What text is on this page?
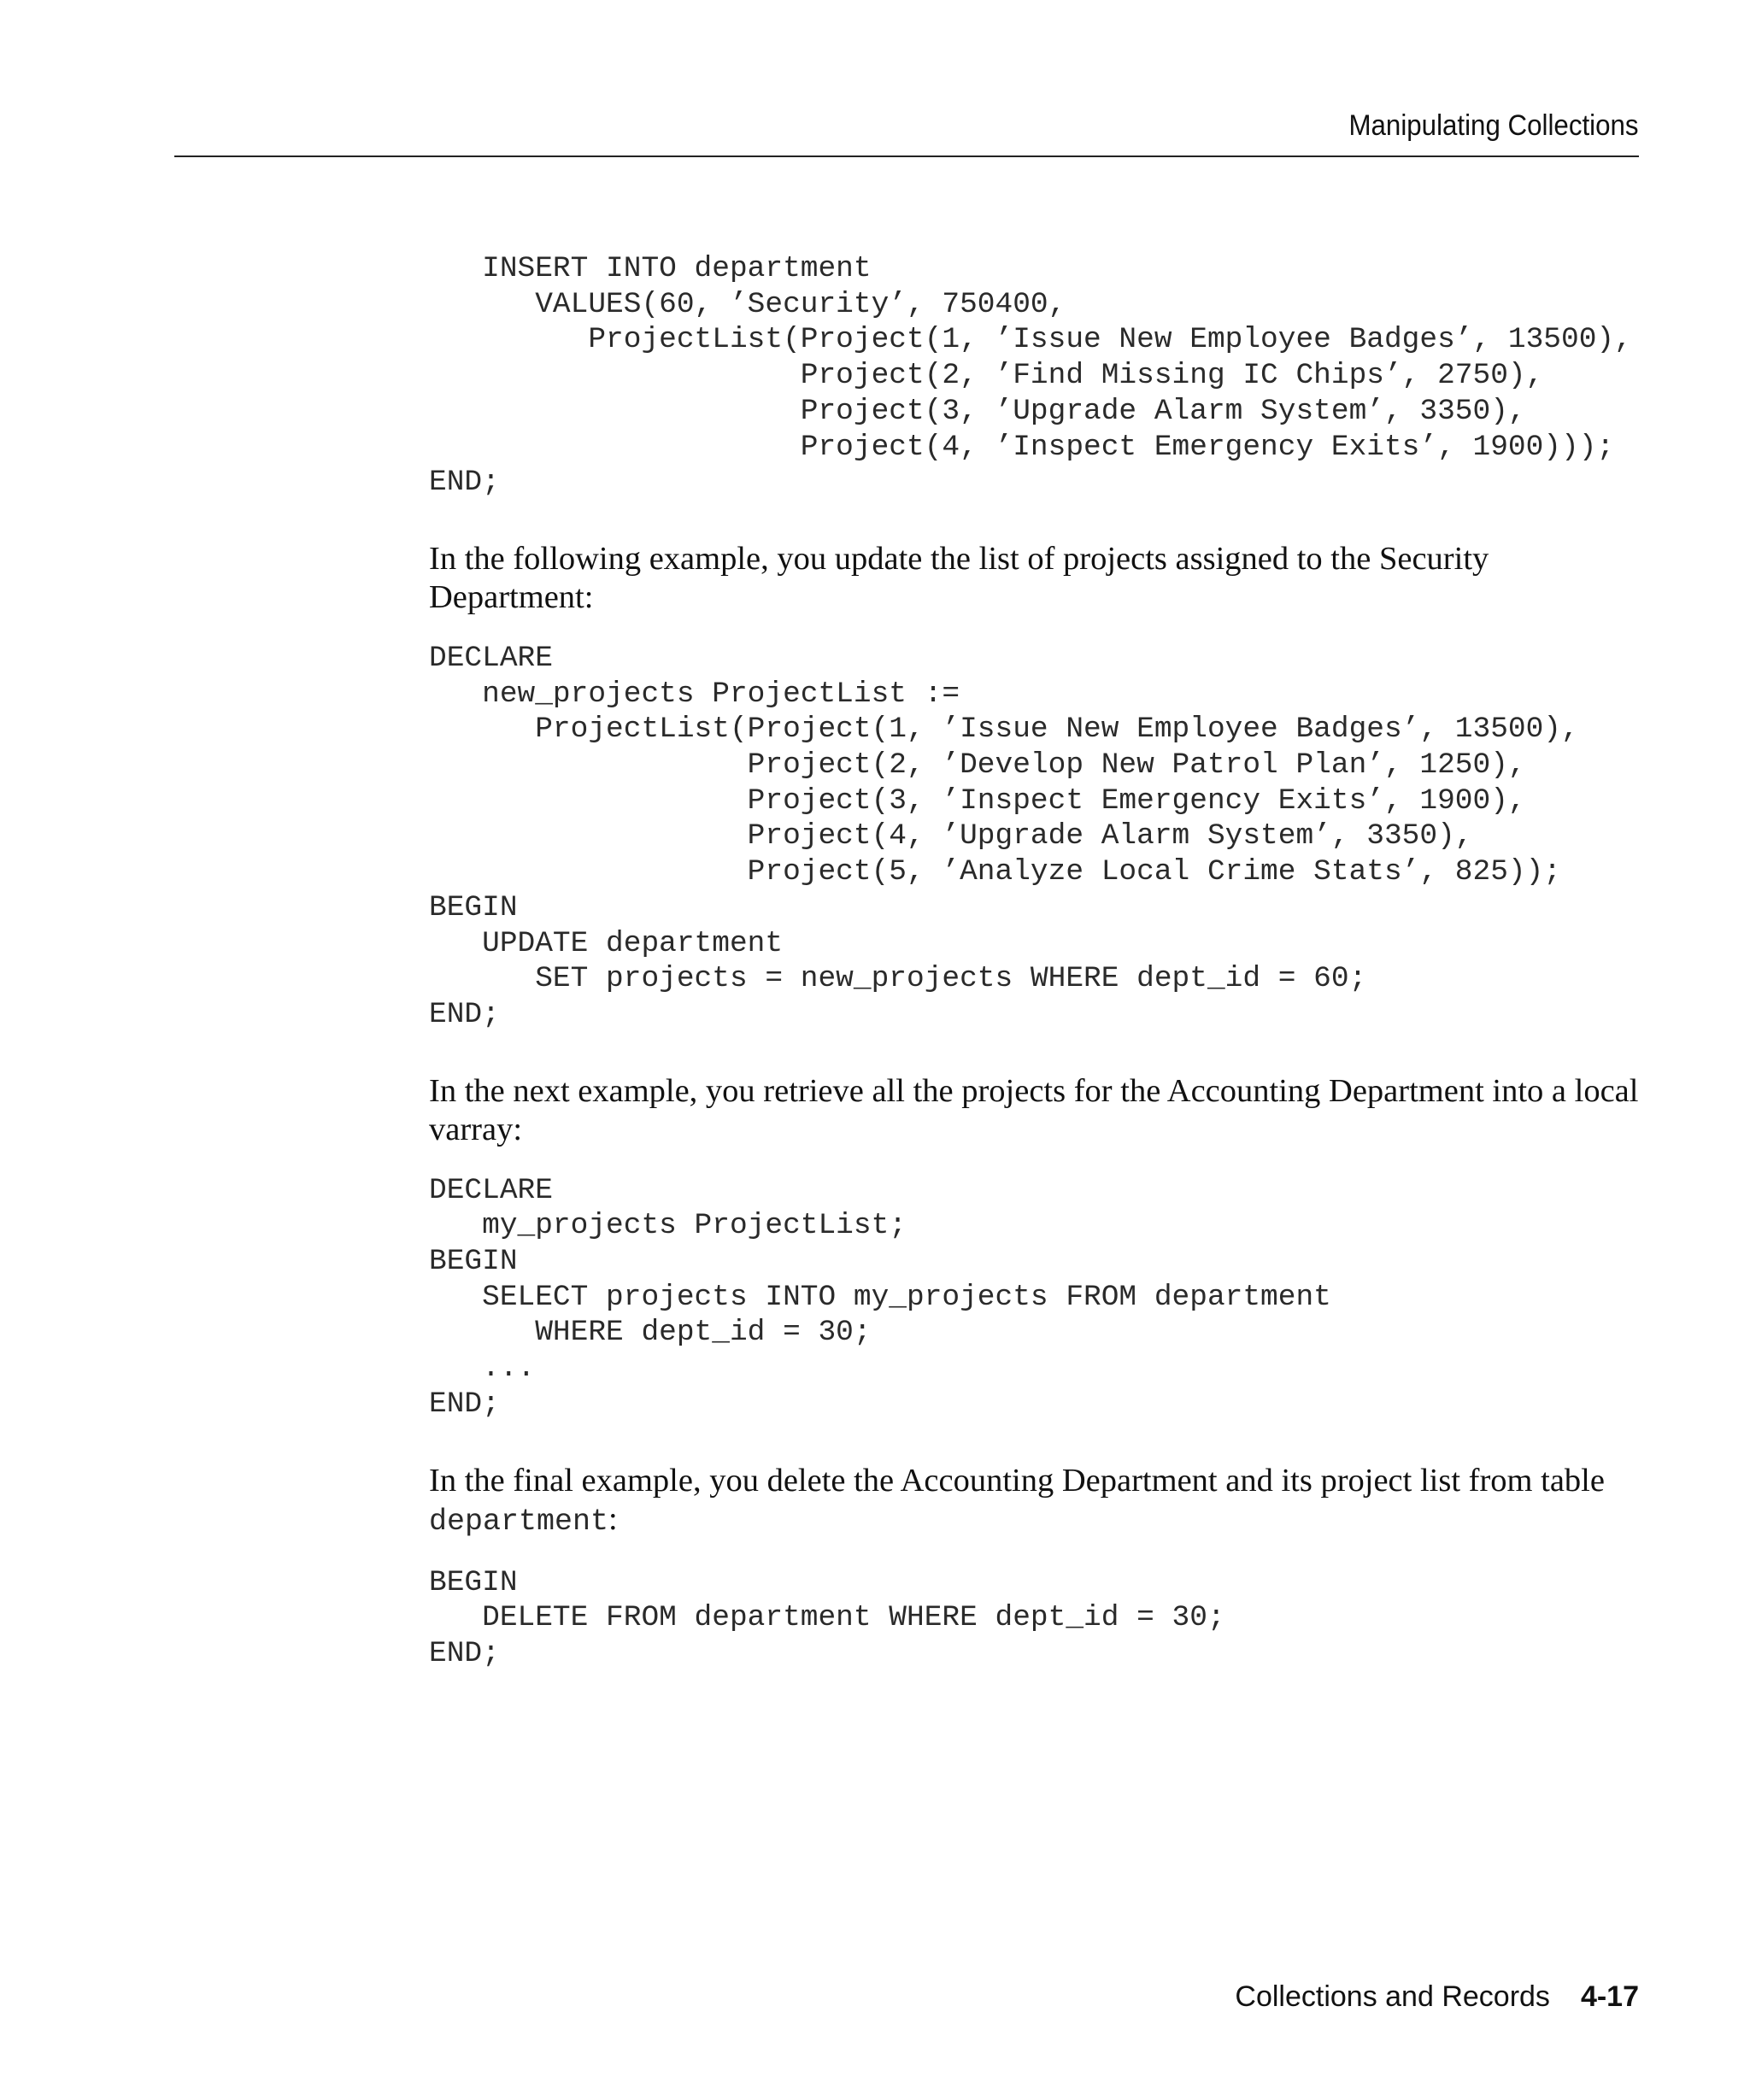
Manipulating Collections
INSERT INTO department
VALUES(60, ’Security’, 750400,
ProjectList(Project(1, ’Issue New Employee Badges’, 13500),
Project(2, ’Find Missing IC Chips’, 2750),
Project(3, ’Upgrade Alarm System’, 3350),
Project(4, ’Inspect Emergency Exits’, 1900)));
END;

In the following example, you update the list of projects assigned to the Security Department:

DECLARE
new_projects ProjectList :=
ProjectList(Project(1, ’Issue New Employee Badges’, 13500),
Project(2, ’Develop New Patrol Plan’, 1250),
Project(3, ’Inspect Emergency Exits’, 1900),
Project(4, ’Upgrade Alarm System’, 3350),
Project(5, ’Analyze Local Crime Stats’, 825));
BEGIN
UPDATE department
SET projects = new_projects WHERE dept_id = 60;
END;

In the next example, you retrieve all the projects for the Accounting Department into a local varray:

DECLARE
my_projects ProjectList;
BEGIN
SELECT projects INTO my_projects FROM department
WHERE dept_id = 30;
...
END;

In the final example, you delete the Accounting Department and its project list from table department:

BEGIN
DELETE FROM department WHERE dept_id = 30;
END;
Collections and Records 4-17
